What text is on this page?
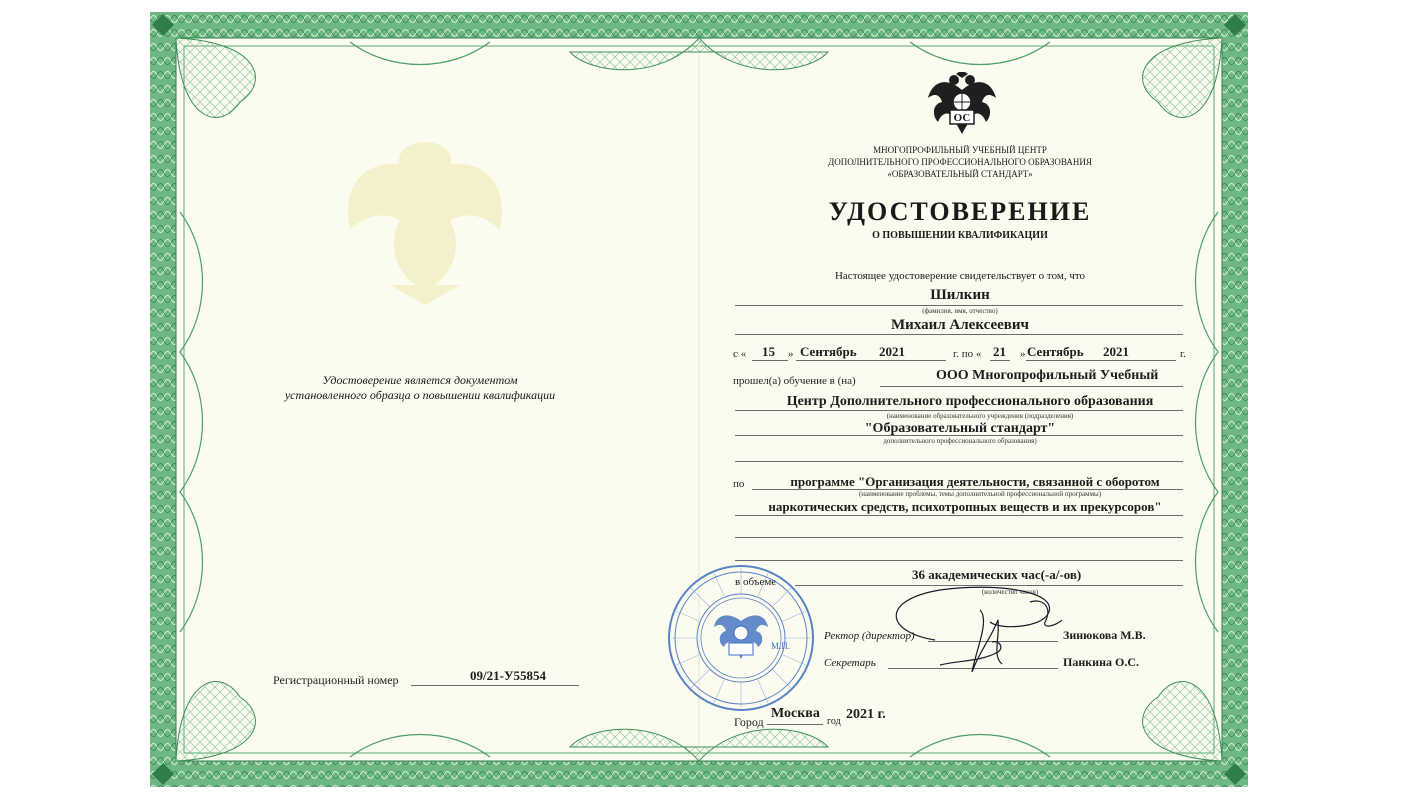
Удостоверение является документом
установленного образца о повышении квалификации
Регистрационный номер	09/21-У55854
ОС
МНОГОПРОФИЛЬНЫЙ УЧЕБНЫЙ ЦЕНТР
ДОПОЛНИТЕЛЬНОГО ПРОФЕССИОНАЛЬНОГО ОБРАЗОВАНИЯ
«ОБРАЗОВАТЕЛЬНЫЙ СТАНДАРТ»
УДОСТОВЕРЕНИЕ
О ПОВЫШЕНИИ КВАЛИФИКАЦИИ
Настоящее удостоверение свидетельствует о том, что
Шилкин
(фамилия, имя, отчество)
Михаил Алексеевич
с « 15 » Сентябрь 2021	г. по « 21 » Сентябрь 2021	г.
прошел(а) обучение в (на)	ООО Многопрофильный Учебный
Центр Дополнительного профессионального образования
(наименование образовательного учреждения (подразделения)
"Образовательный стандарт"
дополнительного профессионального образования)
по	программе "Организация деятельности, связанной с оборотом
(наименование проблемы, темы дополнительной профессиональной программы)
наркотических средств, психотропных веществ и их прекурсоров"
в объеме	36 академических час(-а/-ов)
(количество часов)
М.П.
Ректор (директор)	Зинюкова М.В.
Секретарь	Панкина О.С.
Город
Москва
год 2021 г.
